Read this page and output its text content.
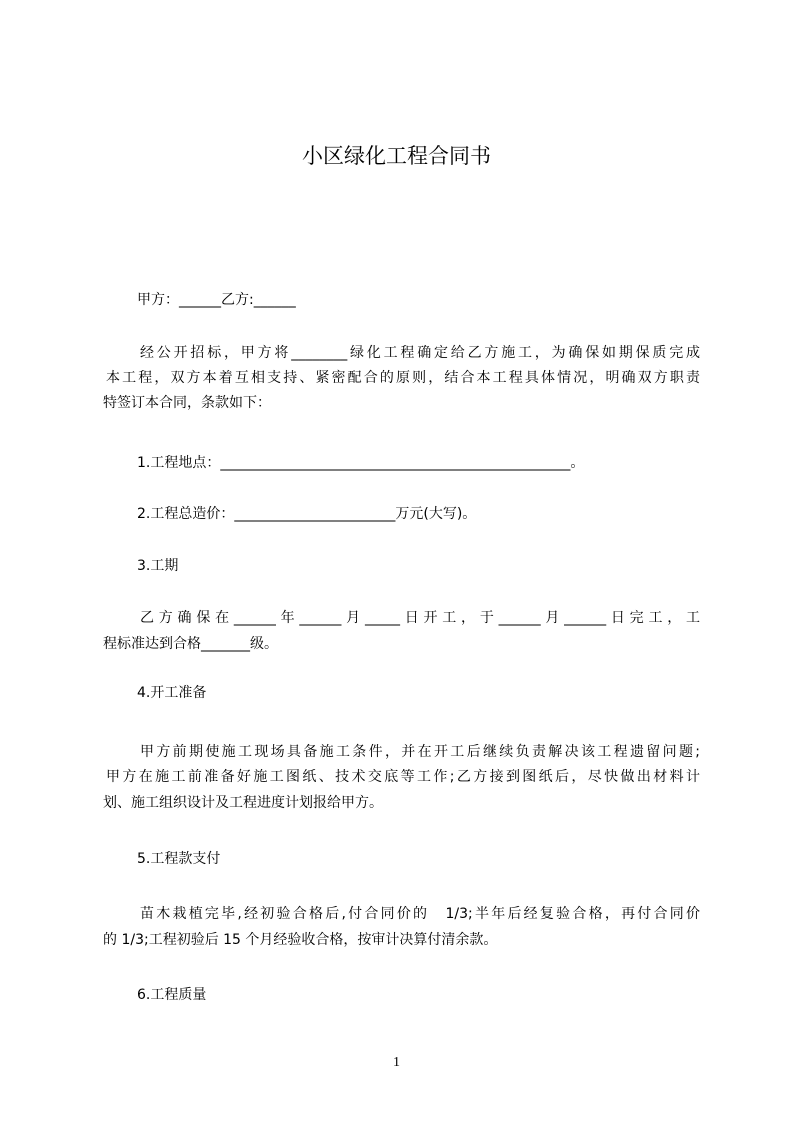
小区绿化工程合同书
甲方：______乙方:______
经公开招标，甲方将________绿化工程确定给乙方施工，为确保如期保质完成
本工程，双方本着互相支持、紧密配合的原则，结合本工程具体情况，明确双方职责
特签订本合同，条款如下：
1.工程地点：__________________________________________________。
2.工程总造价：_______________________万元(大写)。
3.工期
乙方确保在______年______月_____日开工，于______月______日完工，工
程标准达到合格_______级。
4.开工准备
甲方前期使施工现场具备施工条件，并在开工后继续负责解决该工程遗留问题;
甲方在施工前准备好施工图纸、技术交底等工作;乙方接到图纸后，尽快做出材料计
划、施工组织设计及工程进度计划报给甲方。
5.工程款支付
苗木栽植完毕,经初验合格后,付合同价的　1/3;半年后经复验合格，再付合同价
的 1/3;工程初验后 15 个月经验收合格，按审计决算付清余款。
6.工程质量
1
